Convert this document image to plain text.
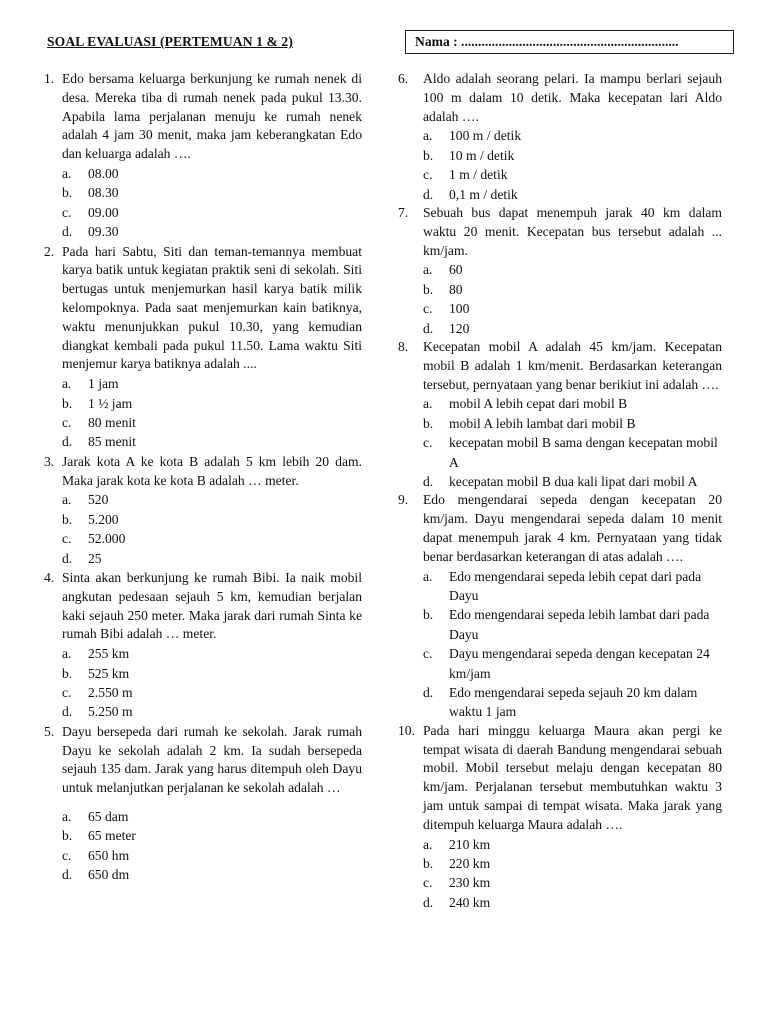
SOAL EVALUASI (PERTEMUAN 1 & 2)	Nama : ................................................................
1. Edo bersama keluarga berkunjung ke rumah nenek di desa. Mereka tiba di rumah nenek pada pukul 13.30. Apabila lama perjalanan menuju ke rumah nenek adalah 4 jam 30 menit, maka jam keberangkatan Edo dan keluarga adalah ….
a. 08.00
b. 08.30
c. 09.00
d. 09.30
2. Pada hari Sabtu, Siti dan teman-temannya membuat karya batik untuk kegiatan praktik seni di sekolah. Siti bertugas untuk menjemurkan hasil karya batik milik kelompoknya. Pada saat menjemurkan kain batiknya, waktu menunjukkan pukul 10.30, yang kemudian diangkat kembali pada pukul 11.50. Lama waktu Siti menjemur karya batiknya adalah ....
a. 1 jam
b. 1 ½ jam
c. 80 menit
d. 85 menit
3. Jarak kota A ke kota B adalah 5 km lebih 20 dam. Maka jarak kota ke kota B adalah … meter.
a. 520
b. 5.200
c. 52.000
d. 25
4. Sinta akan berkunjung ke rumah Bibi. Ia naik mobil angkutan pedesaan sejauh 5 km, kemudian berjalan kaki sejauh 250 meter. Maka jarak dari rumah Sinta ke rumah Bibi adalah … meter.
a. 255 km
b. 525 km
c. 2.550 m
d. 5.250 m
5. Dayu bersepeda dari rumah ke sekolah. Jarak rumah Dayu ke sekolah adalah 2 km. Ia sudah bersepeda sejauh 135 dam. Jarak yang harus ditempuh oleh Dayu untuk melanjutkan perjalanan ke sekolah adalah …
a. 65 dam
b. 65 meter
c. 650 hm
d. 650 dm
6. Aldo adalah seorang pelari. Ia mampu berlari sejauh 100 m dalam 10 detik. Maka kecepatan lari Aldo adalah ….
a. 100 m / detik
b. 10 m / detik
c. 1 m / detik
d. 0,1 m / detik
7. Sebuah bus dapat menempuh jarak 40 km dalam waktu 20 menit. Kecepatan bus tersebut adalah ... km/jam.
a. 60
b. 80
c. 100
d. 120
8. Kecepatan mobil A adalah 45 km/jam. Kecepatan mobil B adalah 1 km/menit. Berdasarkan keterangan tersebut, pernyataan yang benar berikiut ini adalah ….
a. mobil A lebih cepat dari mobil B
b. mobil A lebih lambat dari mobil B
c. kecepatan mobil B sama dengan kecepatan mobil A
d. kecepatan mobil B dua kali lipat dari mobil A
9. Edo mengendarai sepeda dengan kecepatan 20 km/jam. Dayu mengendarai sepeda dalam 10 menit dapat menempuh jarak 4 km. Pernyataan yang tidak benar berdasarkan keterangan di atas adalah ….
a. Edo mengendarai sepeda lebih cepat dari pada Dayu
b. Edo mengendarai sepeda lebih lambat dari pada Dayu
c. Dayu mengendarai sepeda dengan kecepatan 24 km/jam
d. Edo mengendarai sepeda sejauh 20 km dalam waktu 1 jam
10. Pada hari minggu keluarga Maura akan pergi ke tempat wisata di daerah Bandung mengendarai sebuah mobil. Mobil tersebut melaju dengan kecepatan 80 km/jam. Perjalanan tersebut membutuhkan waktu 3 jam untuk sampai di tempat wisata. Maka jarak yang ditempuh keluarga Maura adalah ….
a. 210 km
b. 220 km
c. 230 km
d. 240 km
